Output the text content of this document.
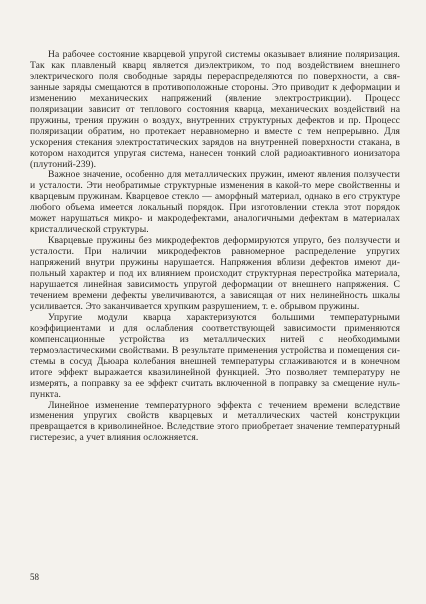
На рабочее состояние кварцевой упругой системы оказывает влияние поляризация. Так как плавленый кварц является диэлектриком, то под воздействием внешнего электрического поля свободные заряды перераспределяются по поверхности, а связанные заряды смещаются в противоположные стороны. Это приводит к деформации и изменению механических напряжений (явление электрострикции). Процесс поляризации зависит от теплового состояния кварца, механических воздействий на пружины, трения пружин о воздух, внутренних структурных дефектов и пр. Процесс поляризации обратим, но протекает неравномерно и вместе с тем непрерывно. Для ускорения стекания электростатических зарядов на внутренней поверхности стакана, в котором находится упругая система, нанесен тонкий слой радиоактивного ионизатора (плутоний-239).

Важное значение, особенно для металлических пружин, имеют явления ползучести и усталости. Эти необратимые структурные изменения в какой-то мере свойственны и кварцевым пружинам. Кварцевое стекло — аморфный материал, однако в его структуре любого объема имеется локальный порядок. При изготовлении стекла этот порядок может нарушаться микро- и макродефектами, аналогичными дефектам в материалах кристаллической структуры.

Кварцевые пружины без микродефектов деформируются упруго, без ползучести и усталости. При наличии микродефектов равномерное распределение упругих напряжений внутри пружины нарушается. Напряжения вблизи дефектов имеют дипольный характер и под их влиянием происходит структурная перестройка материала, нарушается линейная зависимость упругой деформации от внешнего напряжения. С течением времени дефекты увеличиваются, а зависящая от них нелинейность шкалы усиливается. Это заканчивается хрупким разрушением, т. е. обрывом пружины.

Упругие модули кварца характеризуются большими температурными коэффициентами и для ослабления соответствующей зависимости применяются компенсационные устройства из металлических нитей с необходимыми термоэластическими свойствами. В результате применения устройства и помещения системы в сосуд Дьюара колебания внешней температуры сглаживаются и в конечном итоге эффект выражается квазилинейной функцией. Это позволяет температуру не измерять, а поправку за ее эффект считать включенной в поправку за смещение нуль-пункта.

Линейное изменение температурного эффекта с течением времени вследствие изменения упругих свойств кварцевых и металлических частей конструкции превращается в криволинейное. Вследствие этого приобретает значение температурный гистерезис, а учет влияния осложняется.

58
